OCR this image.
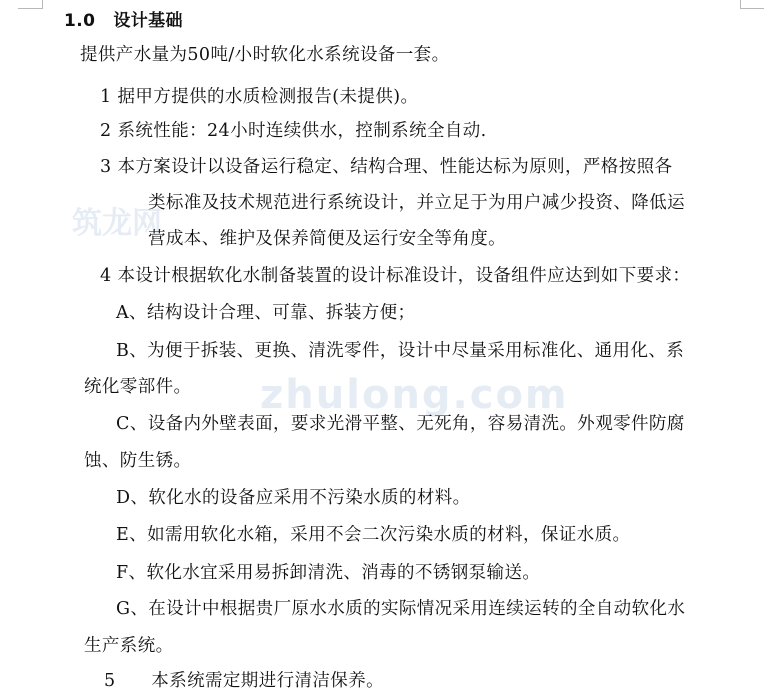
筑龙网
zhulong.com
1.0 设计基础
提供产水量为50吨/小时软化水系统设备一套。
1 据甲方提供的水质检测报告(未提供)。
2 系统性能：24小时连续供水，控制系统全自动.
3 本方案设计以设备运行稳定、结构合理、性能达标为原则，严格按照各
类标准及技术规范进行系统设计，并立足于为用户减少投资、降低运
营成本、维护及保养简便及运行安全等角度。
4 本设计根据软化水制备装置的设计标准设计，设备组件应达到如下要求：
A、结构设计合理、可靠、拆装方便；
B、为便于拆装、更换、清洗零件，设计中尽量采用标准化、通用化、系
统化零部件。
C、设备内外壁表面，要求光滑平整、无死角，容易清洗。外观零件防腐
蚀、防生锈。
D、软化水的设备应采用不污染水质的材料。
E、如需用软化水箱，采用不会二次污染水质的材料，保证水质。
F、软化水宜采用易拆卸清洗、消毒的不锈钢泵输送。
G、在设计中根据贵厂原水水质的实际情况采用连续运转的全自动软化水
生产系统。
5      本系统需定期进行清洁保养。
